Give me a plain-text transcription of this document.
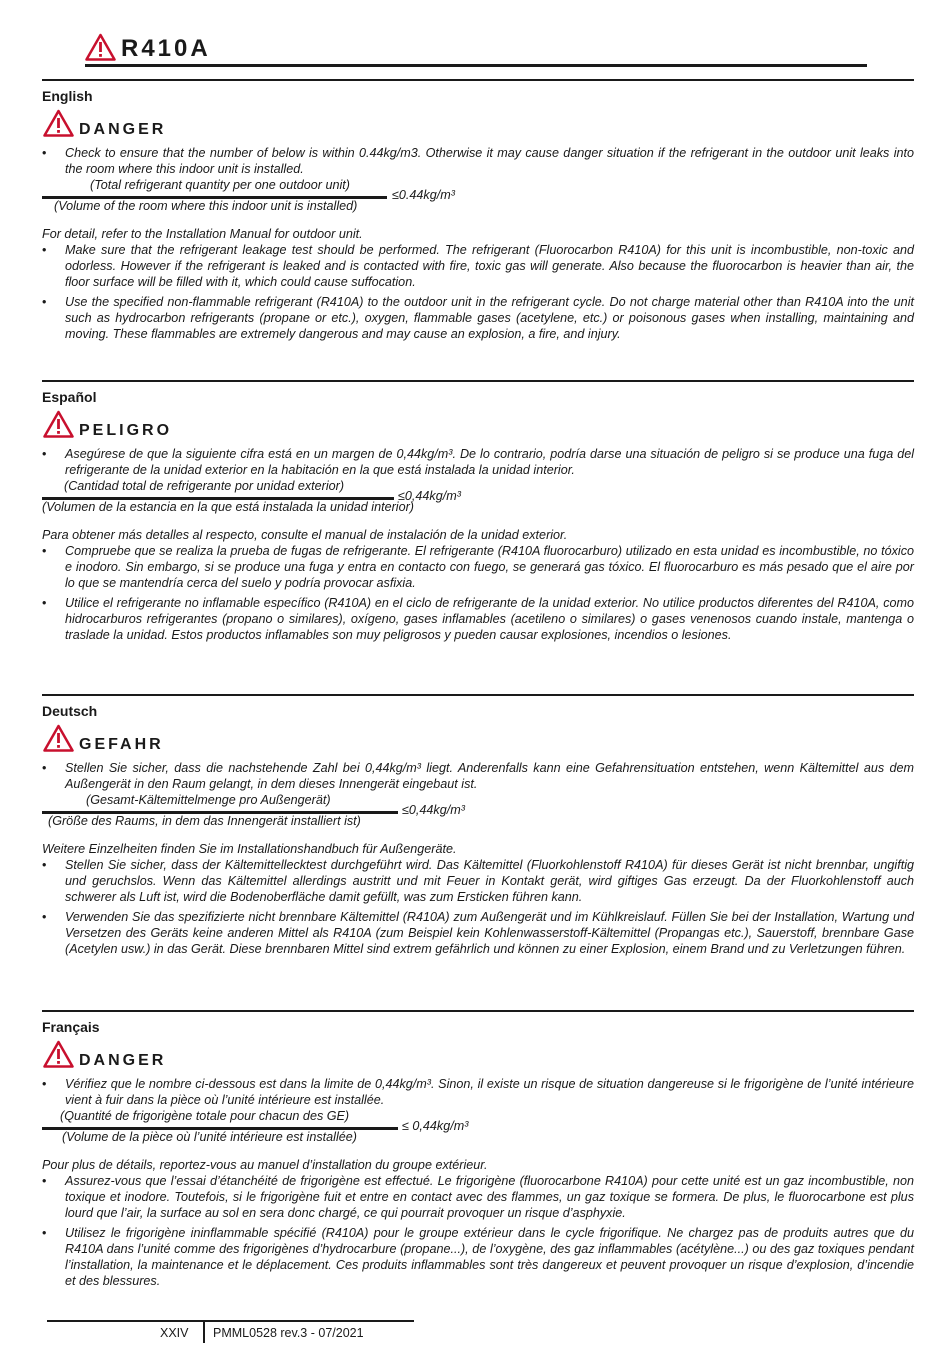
R410A
English
DANGER
• Check to ensure that the number of below is within 0.44kg/m3. Otherwise it may cause danger situation if the refrigerant in the outdoor unit leaks into the room where this indoor unit is installed.
(Total refrigerant quantity per one outdoor unit)
≤0.44kg/m³
(Volume of the room where this indoor unit is installed)
For detail, refer to the Installation Manual for outdoor unit.
• Make sure that the refrigerant leakage test should be performed. The refrigerant (Fluorocarbon R410A) for this unit is incombustible, non-toxic and odorless. However if the refrigerant is leaked and is contacted with fire, toxic gas will generate. Also because the fluorocarbon is heavier than air, the floor surface will be filled with it, which could cause suffocation.
• Use the specified non-flammable refrigerant (R410A) to the outdoor unit in the refrigerant cycle. Do not charge material other than R410A into the unit such as hydrocarbon refrigerants (propane or etc.), oxygen, flammable gases (acetylene, etc.) or poisonous gases when installing, maintaining and moving. These flammables are extremely dangerous and may cause an explosion, a fire, and injury.
Español
PELIGRO
• Asegúrese de que la siguiente cifra está en un margen de 0,44kg/m³. De lo contrario, podría darse una situación de peligro si se produce una fuga del refrigerante de la unidad exterior en la habitación en la que está instalada la unidad interior.
(Cantidad total de refrigerante por unidad exterior)
≤0,44kg/m³
(Volumen de la estancia en la que está instalada la unidad interior)
Para obtener más detalles al respecto, consulte el manual de instalación de la unidad exterior.
• Compruebe que se realiza la prueba de fugas de refrigerante. El refrigerante (R410A fluorocarburo) utilizado en esta unidad es incombustible, no tóxico e inodoro. Sin embargo, si se produce una fuga y entra en contacto con fuego, se generará gas tóxico. El fluorocarburo es más pesado que el aire por lo que se mantendría cerca del suelo y podría provocar asfixia.
• Utilice el refrigerante no inflamable específico (R410A) en el ciclo de refrigerante de la unidad exterior. No utilice productos diferentes del R410A, como hidrocarburos refrigerantes (propano o similares), oxígeno, gases inflamables (acetileno o similares) o gases venenosos cuando instale, mantenga o traslade la unidad. Estos productos inflamables son muy peligrosos y pueden causar explosiones, incendios o lesiones.
Deutsch
GEFAHR
• Stellen Sie sicher, dass die nachstehende Zahl bei 0,44kg/m³ liegt. Anderenfalls kann eine Gefahrensituation entstehen, wenn Kältemittel aus dem Außengerät in den Raum gelangt, in dem dieses Innengerät eingebaut ist.
(Gesamt-Kältemittelmenge pro Außengerät)
≤0,44kg/m³
(Größe des Raums, in dem das Innengerät installiert ist)
Weitere Einzelheiten finden Sie im Installationshandbuch für Außengeräte.
• Stellen Sie sicher, dass der Kältemittellecktest durchgeführt wird. Das Kältemittel (Fluorkohlenstoff R410A) für dieses Gerät ist nicht brennbar, ungiftig und geruchslos. Wenn das Kältemittel allerdings austritt und mit Feuer in Kontakt gerät, wird giftiges Gas erzeugt. Da der Fluorkohlenstoff auch schwerer als Luft ist, wird die Bodenoberfläche damit gefüllt, was zum Ersticken führen kann.
• Verwenden Sie das spezifizierte nicht brennbare Kältemittel (R410A) zum Außengerät und im Kühlkreislauf. Füllen Sie bei der Installation, Wartung und Versetzen des Geräts keine anderen Mittel als R410A (zum Beispiel kein Kohlenwasserstoff-Kältemittel (Propangas etc.), Sauerstoff, brennbare Gase (Acetylen usw.) in das Gerät. Diese brennbaren Mittel sind extrem gefährlich und können zu einer Explosion, einem Brand und zu Verletzungen führen.
Français
DANGER
• Vérifiez que le nombre ci-dessous est dans la limite de 0,44kg/m³. Sinon, il existe un risque de situation dangereuse si le frigorigène de l’unité intérieure vient à fuir dans la pièce où l’unité intérieure est installée.
(Quantité de frigorigène totale pour chacun des GE)
≤ 0,44kg/m³
(Volume de la pièce où l’unité intérieure est installée)
Pour plus de détails, reportez-vous au manuel d’installation du groupe extérieur.
• Assurez-vous que l’essai d’étanchéité de frigorigène est effectué. Le frigorigène (fluorocarbone R410A) pour cette unité est un gaz incombustible, non toxique et inodore. Toutefois, si le frigorigène fuit et entre en contact avec des flammes, un gaz toxique se formera. De plus, le fluorocarbone est plus lourd que l’air, la surface au sol en sera donc chargé, ce qui pourrait provoquer un risque d’asphyxie.
• Utilisez le frigorigène ininflammable spécifié (R410A) pour le groupe extérieur dans le cycle frigorifique. Ne chargez pas de produits autres que du R410A dans l’unité comme des frigorigènes d’hydrocarbure (propane...), de l’oxygène, des gaz inflammables (acétylène...) ou des gaz toxiques pendant l’installation, la maintenance et le déplacement. Ces produits inflammables sont très dangereux et peuvent provoquer un risque d’explosion, d’incendie et des blessures.
XXIV PMML0528 rev.3 - 07/2021
